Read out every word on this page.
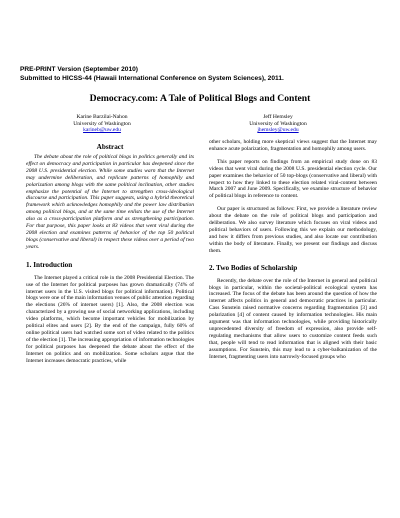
PRE-PRINT Version (September 2010)
Submitted to HICSS-44 (Hawaii International Conference on System Sciences), 2011.
Democracy.com: A Tale of Political Blogs and Content
Karine Barzilai-Nahon
University of Washington
karineb@uw.edu
Jeff Hemsley
University of Washington
jhemsley@uw.edu
Abstract

The debate about the role of political blogs in politics generally and its effect on democracy and participation in particular has deepened since the 2008 U.S. presidential election. While some studies warn that the Internet may undermine deliberation, and replicate patterns of homophily and polarization among blogs with the same political inclination, other studies emphasize the potential of the Internet to strengthen cross-ideological discourse and participation. This paper suggests, using a hybrid theoretical framework which acknowledges homophily and the power law distribution among political blogs, and at the same time enlists the use of the Internet also as a cross-participation platform and as strengthening participation. For that purpose, this paper looks at 83 videos that went viral during the 2008 election and examines patterns of behavior of the top 50 political blogs (conservative and liberal) in respect these videos over a period of two years.

1. Introduction

The Internet played a critical role in the 2008 Presidential Election. The use of the Internet for political purposes has grown dramatically (74% of internet users in the U.S. visited blogs for political information). Political blogs were one of the main information venues of public attention regarding the elections (26% of internet users) [1]. Also, the 2008 election was characterized by a growing use of social networking applications, including video platforms, which become important vehicles for mobilization by political elites and users [2]. By the end of the campaign, fully 60% of online political users had watched some sort of video related to the politics of the election [1]. The increasing appropriation of information technologies for political purposes has deepened the debate about the effect of the Internet on politics and on mobilization. Some scholars argue that the Internet increases democratic practices, while

other scholars, holding more skeptical views suggest that the Internet may enhance acute polarization, fragmentation and homophily among users.

This paper reports on findings from an empirical study done on 83 videos that went viral during the 2008 U.S. presidential election cycle. Our paper examines the behavior of 50 top-blogs (conservative and liberal) with respect to how they linked to these election related viral-content between March 2007 and June 2009. Specifically, we examine structure of behavior of political blogs in reference to content.

Our paper is structured as follows: First, we provide a literature review about the debate on the role of political blogs and participation and deliberation. We also survey literature which focuses on viral videos and political behaviors of users. Following this we explain our methodology, and how it differs from previous studies, and also locate our contribution within the body of literature. Finally, we present our findings and discuss them.

2. Two Bodies of Scholarship

Recently, the debate over the role of the Internet in general and political blogs in particular, within the societal-political ecological system has increased. The focus of the debate has been around the question of how the internet affects politics in general and democratic practices in particular. Cass Sunstein raised normative concerns regarding fragmentation [3] and polarization [4] of content caused by information technologies. His main argument was that information technologies, while providing historically unprecedented diversity of freedom of expression, also provide self-regulating mechanisms that allow users to customize content feeds such that, people will tend to read information that is aligned with their basic assumptions. For Sunstein, this may lead to a cyber-balkanization of the Internet, fragmenting users into narrowly-focused groups who
